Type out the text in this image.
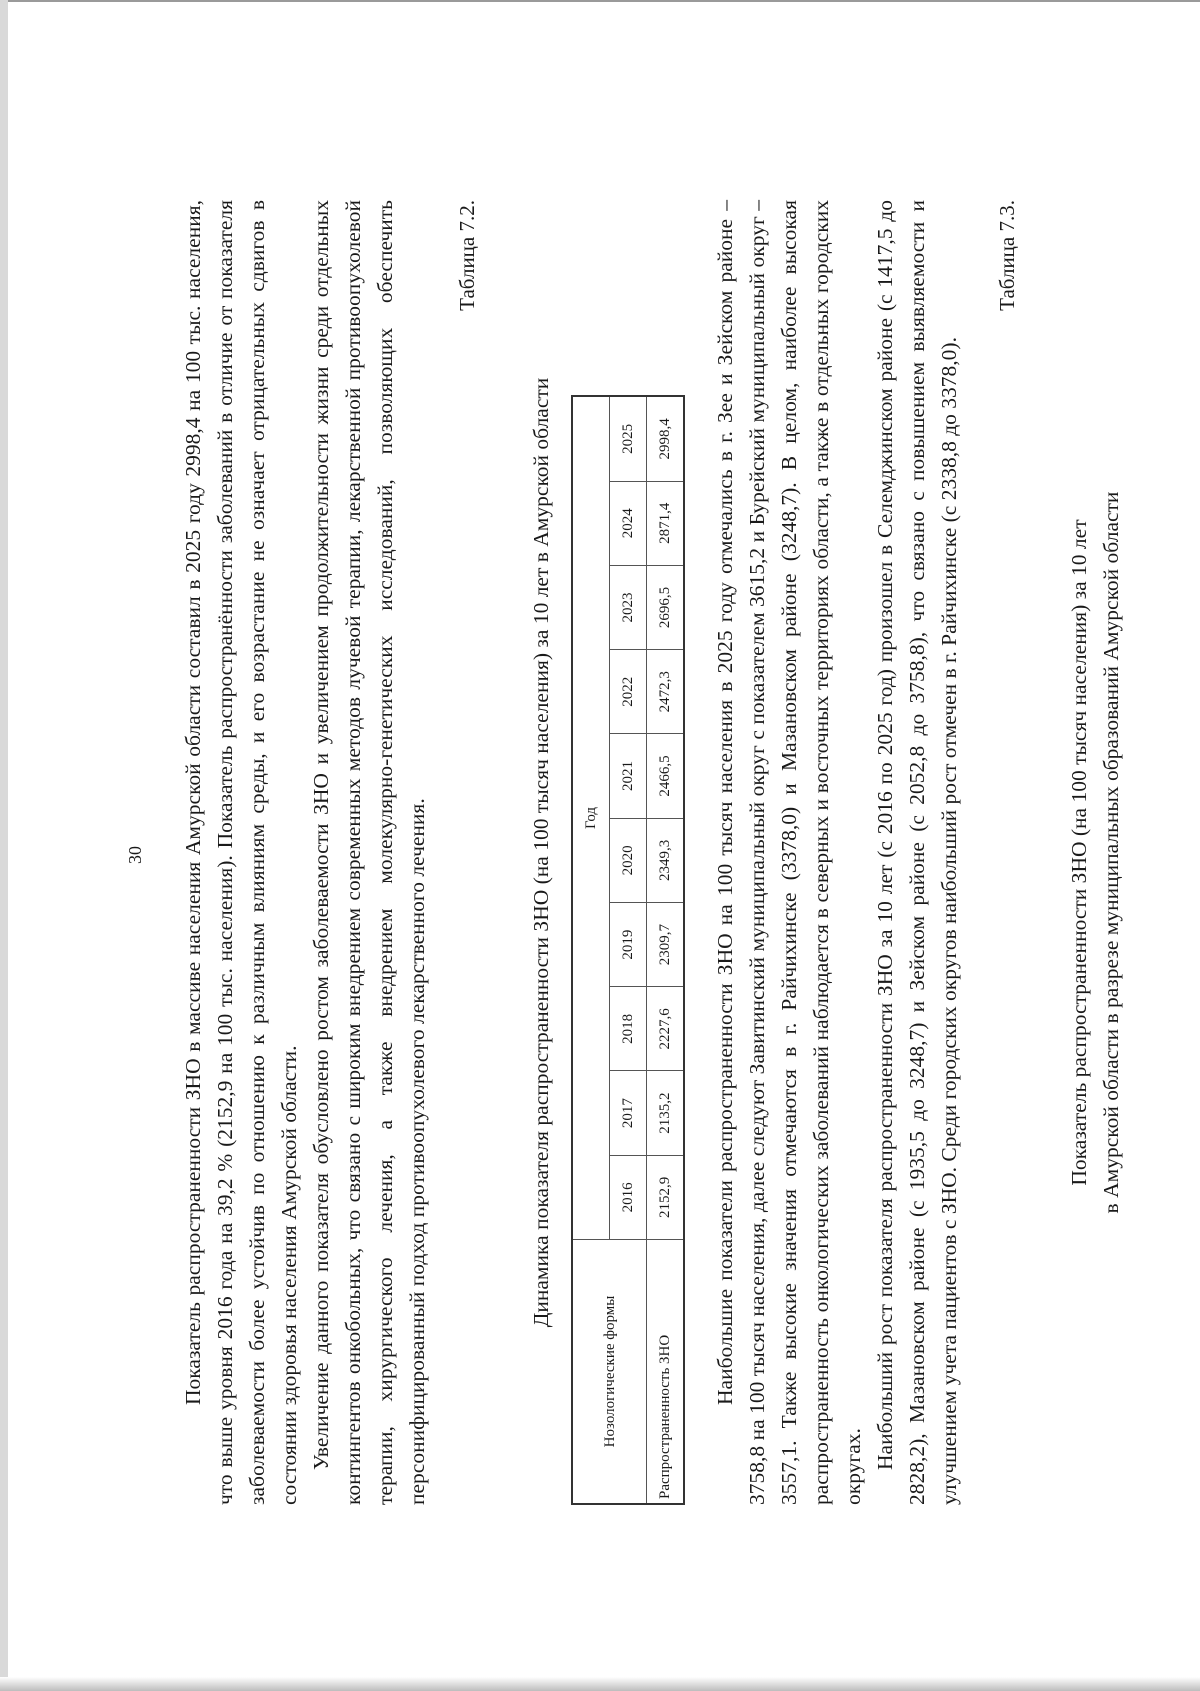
30 Показатель распространенности ЗНО в массиве населения Амурской области составил в 2025 году 2998,4 на 100 тыс. населения, что выше уровня 2016 года на 39,2 % (2152,9 на 100 тыс. населения). Показатель распространённости заболеваний в отличие от показателя заболеваемости более устойчив по отношению к различным влияниям среды, и его возрастание не означает отрицательных сдвигов в состоянии здоровья населения Амурской области. Увеличение данного показателя обусловлено ростом заболеваемости ЗНО и увеличением продолжительности жизни среди отдельных контингентов онкобольных, что связано с широким внедрением современных методов лучевой терапии, лекарственной противоопухолевой терапии, хирургического лечения, а также внедрением молекулярно-генетических исследований, позволяющих обеспечить персонифицированный подход противоопухолевого лекарственного лечения.

Таблица 7.2.
Динамика показателя распространенности ЗНО (на 100 тысяч населения) за 10 лет в Амурской области
Нозологические формы	Год									
	2016	2017	2018	2019	2020	2021	2022	2023	2024	2025
Распространенность ЗНО	2152,9	2135,2	2227,6	2309,7	2349,3	2466,5	2472,3	2696,5	2871,4	2998,4 Наибольшие показатели распространенности ЗНО на 100 тысяч населения в 2025 году отмечались в г. Зее и Зейском районе – 3758,8 на 100 тысяч населения, далее следуют Завитинский муниципальный округ с показателем 3615,2 и Бурейский муниципальный округ – 3557,1. Также высокие значения отмечаются в г. Райчихинске (3378,0) и Мазановском районе (3248,7). В целом, наиболее высокая распространенность онкологических заболеваний наблюдается в северных и восточных территориях области, а также в отдельных городских округах. Наибольший рост показателя распространенности ЗНО за 10 лет (с 2016 по 2025 год) произошел в Селемджинском районе (с 1417,5 до 2828,2), Мазановском районе (с 1935,5 до 3248,7) и Зейском районе (с 2052,8 до 3758,8), что связано с повышением выявляемости и улучшением учета пациентов с ЗНО. Среди городских округов наибольший рост отмечен в г. Райчихинске (с 2338,8 до 3378,0).

Таблица 7.3.
Показатель распространенности ЗНО (на 100 тысяч населения) за 10 лет в Амурской области в разрезе муниципальных образований Амурской области
